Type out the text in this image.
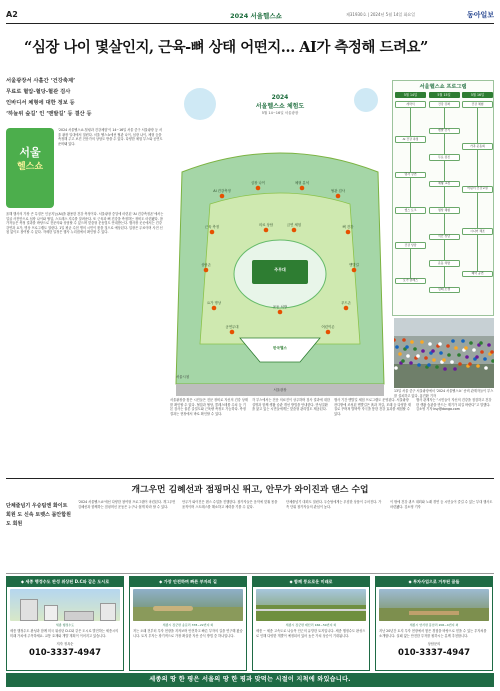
A2	2024 서울헬스쇼	제31930호 | 2024년 5월 14일 화요일	동아일보
“심장 나이 몇살인지, 근육-뼈 상태 어떤지… AI가 측정해 드려요”
서울광장서 사흘간 ‘건강축제’
무료로 혈압-혈당-혈관 검사
인바디서 체형에 대한 정보 등
‘하늘위 숲길’ 인 ‘맨발길’ 등 결산 등
서울
헬스쇼

‘2024 서울헬스쇼-힐링과 건강체험’이 14~16일 서울 중구 서울광장 등 서울 광장 일대에서 열린다. 서울 헬스쇼에선 혈관 나이, 심장 나이, 체형 등을 측정해 주고 보건 전문가의 상담도 받을 수 있다. 다양한 체험 부스와 공연도 준비돼 있다.

올해 행사의 가장 큰 특징은 인공지능(AI)을 활용한 건강 측정이다. 서울광장 중앙에 마련된 ‘AI 건강측정존’에서는 얼굴 사진만으로 심장 나이와 혈압, 스트레스 지수를 알려준다. 또 근육과 뼈 건강을 측정하는 장비도 마련됐다. 참가자들은 측정 결과를 바탕으로 전문의와 상담할 수 있으며 맞춤형 운동법도 안내받는다. 행사장 곳곳에서는 건강 강연과 요가, 명상 프로그램도 열린다. 1일 평균 수천 명의 시민이 찾을 것으로 예상된다. 입장은 무료이며 사전 신청 없이도 참여할 수 있다. 자세한 일정은 행사 누리집에서 확인할 수 있다.

AI 건강측정
심장 나이	체형 분석
혈관 검사
근육 측정	뼈 건강
상담존	맨발길
요가 명상	푸드존
공연무대	어린이존
의료 상담	금연 체험
운동 처방
2024
서울헬스쇼 체험도
5월 14~16일 서울광장
주무대
한국헬스
서울시청
서울광장
서울헬스쇼 프로그램
5월 14일	5월 15일	5월 16일
개막식
AI 건강 측정
명사 강연
헬스 토크
건강 상담
요가 클래스
건강 강좌
맨발 걷기
무료 검진
체형 교정
명상 체험
식단 상담
운동 처방
심폐 소생
건강 체험
가족 운동회
어린이 건강교실
시니어 체조
폐막 공연

13일 서울 중구 서울광장에서 ‘2024 서울헬스쇼’ 준비 관계자들이 부스를 설치하고 있다. 홍진환 기자

서울광장을 찾은 시민들은 전문 장비로 자신의 건강 상태를 확인할 수 있다. 혈압과 혈당, 콜레스테롤 수치 등 기본 검사는 물론 골밀도와 근육량 측정도 가능하다. 측정 결과는 현장에서 바로 확인할 수 있다.

각 부스에서는 전문 의료진이 상주하며 검사 결과에 대한 설명과 함께 생활 습관 개선 방법을 안내한다. 만성질환을 앓고 있는 시민들에게는 맞춤형 관리법도 제공된다.

행사 기간 맨발길 체험 프로그램도 운영된다. 서울광장 잔디밭에 조성된 맨발길은 흙과 자갈, 모래 등 다양한 재질로 꾸며져 발바닥 자극을 통한 건강 효과를 체험할 수 있다.

행사 관계자는 “시민들이 자신의 건강을 점검하고 건강한 생활 습관을 만드는 계기가 되길 바란다”고 말했다. 김소영 기자 ksy@donga.com

개그우먼 김혜선과 점핑머신 뛰고, 안무가 와이진과 댄스 수업
단체줄넘기 우승팀엔 화이트 회원 도 신속 토렛스 몸안합원도 회원

‘2024 서울헬스쇼’에선 다양한 참여형 프로그램이 마련된다. 개그우먼 김혜선과 함께하는 점핑머신 운동은 누구나 쉽게 따라 할 수 있다.

안무가 와이진은 댄스 수업을 진행한다. 참가자들은 음악에 맞춰 몸을 움직이며 스트레스를 해소하고 체력을 기를 수 있다.

단체줄넘기 대회도 열린다. 우승팀에게는 푸짐한 상품이 주어진다. 가족 단위 참가자들의 관심이 높다.

이 밖에 건강 퀴즈 대회와 노래 경연 등 시민들이 즐길 수 있는 부대 행사도 마련됐다. 김소영 기자

◆ 세종 행정수도 완성 위상된 D.C와 같은 도시로
세종 행정수도

세종 행정수도 완성과 함께 미국 워싱턴 D.C와 같은 도시로 발전하는 세종시의 미래 가치에 주목하세요. 교통 호재와 개발 계획이 이어지고 있습니다.

저자 정옥순
010-3337-4947
◆ 가장 안전하며 빠른 부자의 길
세종시 장군면 송문리 378~22번지 외

저는 오래 전부터 투자 현장을 지켜보며 안전하고 빠른 부자의 길을 연구해 왔습니다. 토지 투자는 장기적으로 가장 확실한 자산 증식 방법 중 하나입니다.

◆ 함께 풍요로운 미래로
세종시 장군면 태산리 166~59번지 외

세종 ~ 세종 고속도로 나들목 인근의 유망한 토지입니다. 세종 행정수도 완성으로 인해 다양한 개발이 예정되어 있어 높은 가치 상승이 기대됩니다.

◆ 투자사업으로 거부된 꿈들
세종시 연서면 봉암리 206~4번지 외

지난 20년간 토지 투자 현장에서 쌓은 경험을 바탕으로 믿을 수 있는 투자처를 소개합니다. 실패 없는 안전한 투자를 원하시는 분께 추천합니다.

상담문의
010-3337-4947
세종의 땅 한 평은 서울의 땅 한 평과 맞먹는 시절이 지척에 와있습니다.
